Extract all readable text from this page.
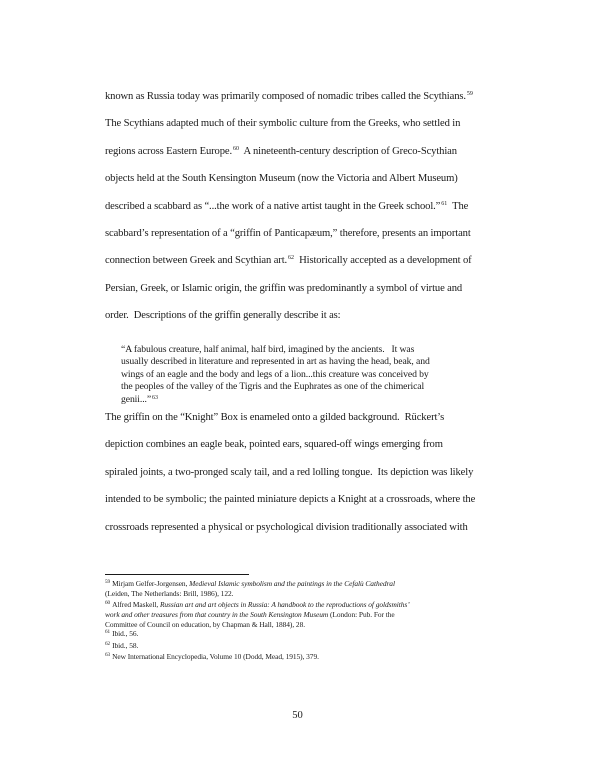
known as Russia today was primarily composed of nomadic tribes called the Scythians.$^{59}$
The Scythians adapted much of their symbolic culture from the Greeks, who settled in
regions across Eastern Europe.$^{60}$  A nineteenth-century description of Greco-Scythian
objects held at the South Kensington Museum (now the Victoria and Albert Museum)
described a scabbard as “...the work of a native artist taught in the Greek school.”$^{61}$  The
scabbard’s representation of a “griffin of Panticapæum,” therefore, presents an important
connection between Greek and Scythian art.$^{62}$  Historically accepted as a development of
Persian, Greek, or Islamic origin, the griffin was predominantly a symbol of virtue and
order.  Descriptions of the griffin generally describe it as:
“A fabulous creature, half animal, half bird, imagined by the ancients.   It was
usually described in literature and represented in art as having the head, beak, and
wings of an eagle and the body and legs of a lion...this creature was conceived by
the peoples of the valley of the Tigris and the Euphrates as one of the chimerical
genii...”$^{63}$
The griffin on the “Knight” Box is enameled onto a gilded background.  Rückert’s
depiction combines an eagle beak, pointed ears, squared-off wings emerging from
spiraled joints, a two-pronged scaly tail, and a red lolling tongue.  Its depiction was likely
intended to be symbolic; the painted miniature depicts a Knight at a crossroads, where the
crossroads represented a physical or psychological division traditionally associated with
$^{59}$ Mirjam Gelfer-Jorgensen, Medieval Islamic symbolism and the paintings in the Cefalù Cathedral
(Leiden, The Netherlands: Brill, 1986), 122.
$^{60}$ Alfred Maskell, Russian art and art objects in Russia: A handbook to the reproductions of goldsmiths’
work and other treasures from that country in the South Kensington Museum (London: Pub. For the
Committee of Council on education, by Chapman & Hall, 1884), 28.
$^{61}$ Ibid., 56.
$^{62}$ Ibid., 58.
$^{63}$ New International Encyclopedia, Volume 10 (Dodd, Mead, 1915), 379.
50
